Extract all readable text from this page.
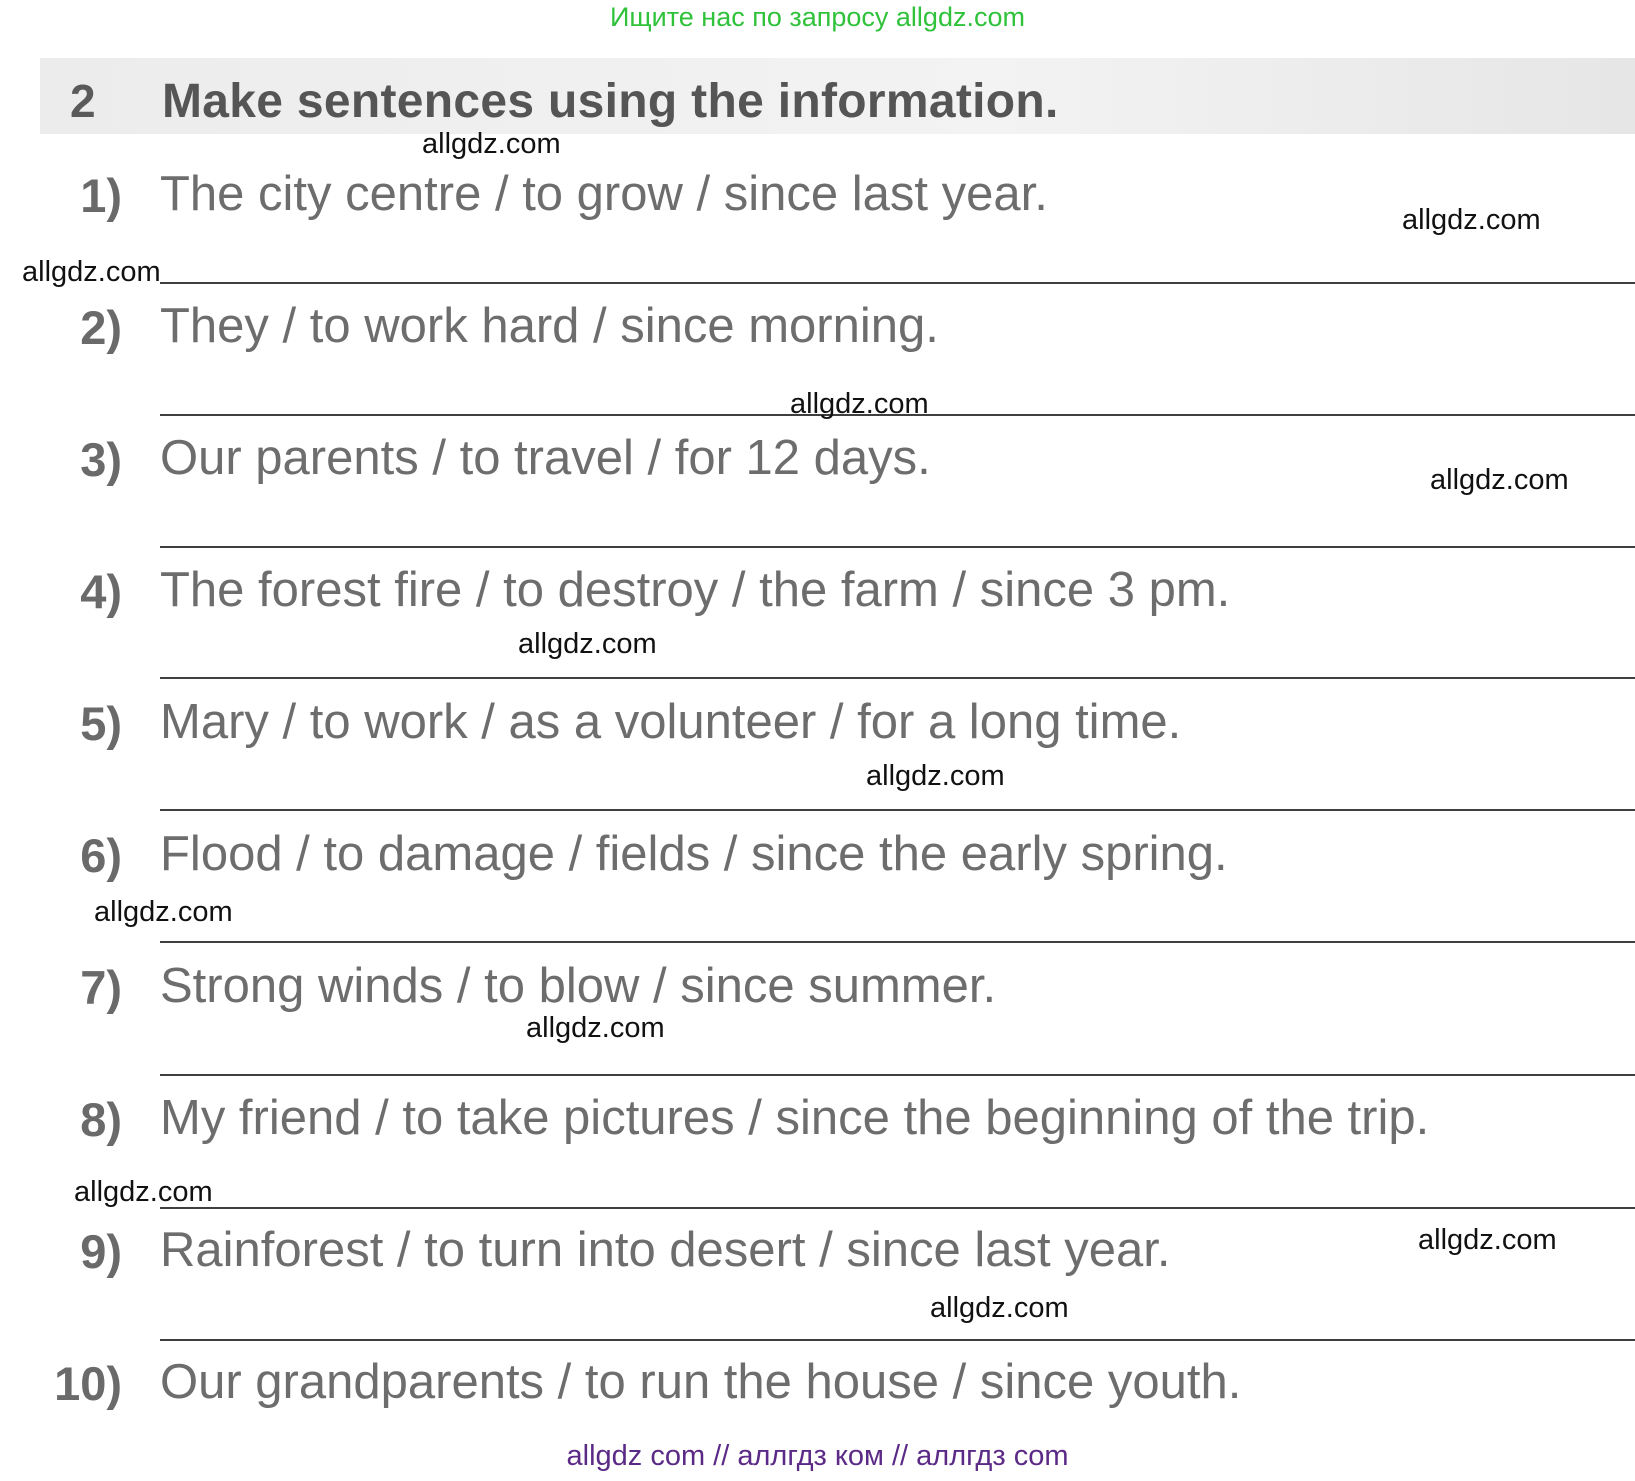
Ищите нас по запросу allgdz.com
2 Make sentences using the information.
1) The city centre / to grow / since last year.
2) They / to work hard / since morning.
3) Our parents / to travel / for 12 days.
4) The forest fire / to destroy / the farm / since 3 pm.
5) Mary / to work / as a volunteer / for a long time.
6) Flood / to damage / fields / since the early spring.
7) Strong winds / to blow / since summer.
8) My friend / to take pictures / since the beginning of the trip.
9) Rainforest / to turn into desert / since last year.
10) Our grandparents / to run the house / since youth.
allgdz.com
allgdz.com
allgdz.com
allgdz.com
allgdz.com
allgdz.com
allgdz.com
allgdz.com
allgdz.com
allgdz.com
allgdz.com
allgdz.com
allgdz com // аллгдз ком // аллгдз com
